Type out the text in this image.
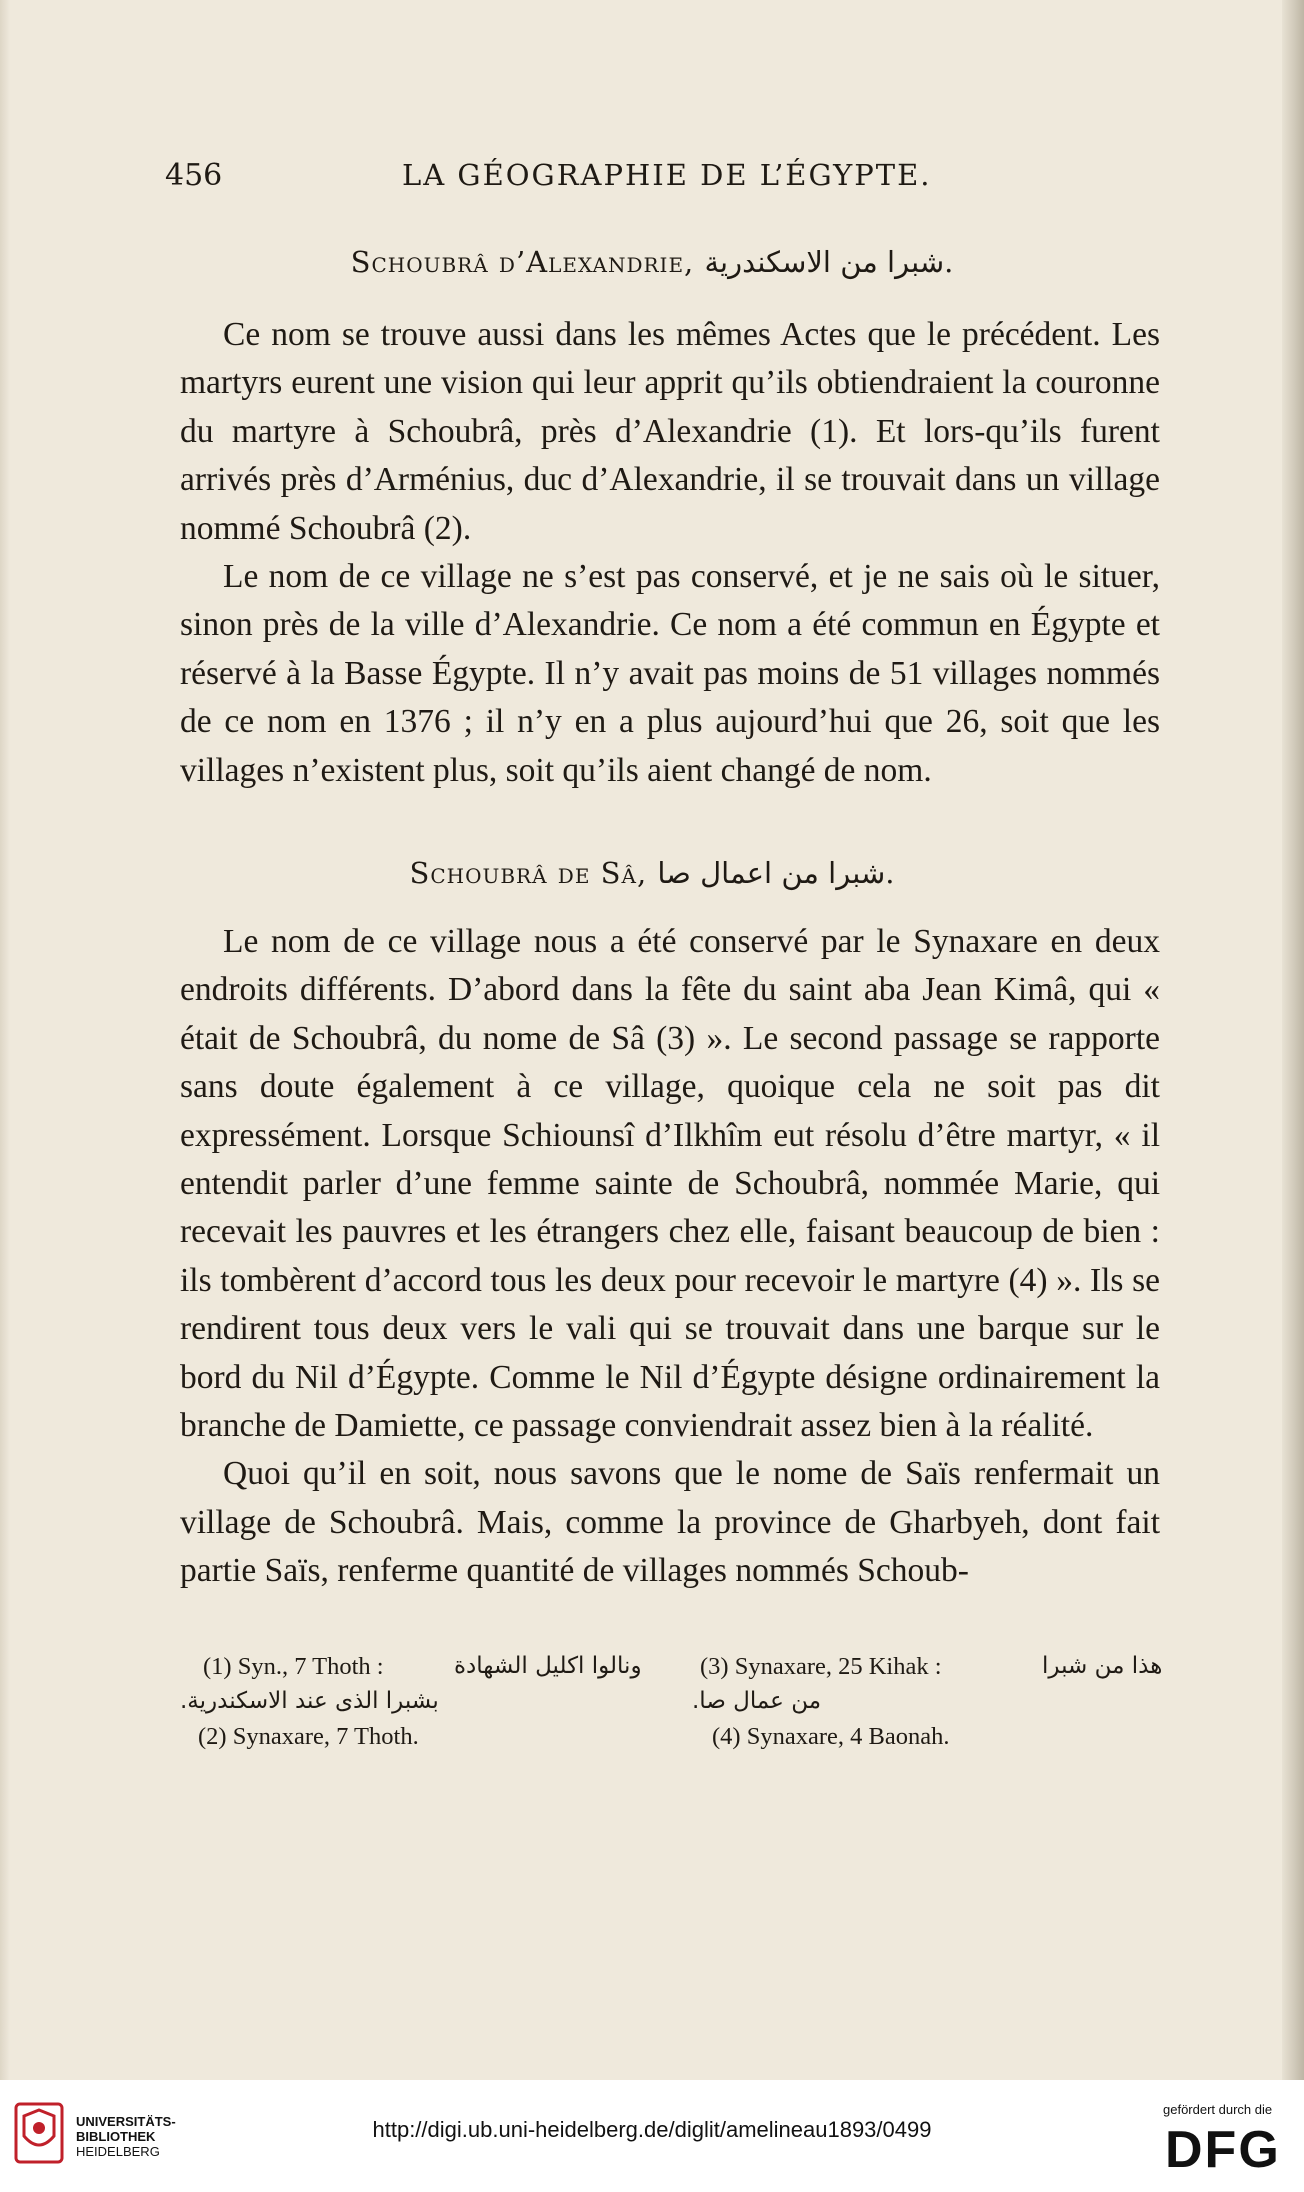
456	LA GÉOGRAPHIE DE L’ÉGYPTE.
Schoubrâ d’Alexandrie, شبرا من الاسكندرية.

Ce nom se trouve aussi dans les mêmes Actes que le précédent. Les martyrs eurent une vision qui leur apprit qu’ils obtiendraient la couronne du martyre à Schoubrâ, près d’Alexandrie (1). Et lors-qu’ils furent arrivés près d’Arménius, duc d’Alexandrie, il se trouvait dans un village nommé Schoubrâ (2).

Le nom de ce village ne s’est pas conservé, et je ne sais où le situer, sinon près de la ville d’Alexandrie. Ce nom a été commun en Égypte et réservé à la Basse Égypte. Il n’y avait pas moins de 51 villages nommés de ce nom en 1376 ; il n’y en a plus aujourd’hui que 26, soit que les villages n’existent plus, soit qu’ils aient changé de nom.

Schoubrâ de Sâ, شبرا من اعمال صا.

Le nom de ce village nous a été conservé par le Synaxare en deux endroits différents. D’abord dans la fête du saint aba Jean Kimâ, qui « était de Schoubrâ, du nome de Sâ (3) ». Le second passage se rapporte sans doute également à ce village, quoique cela ne soit pas dit expressément. Lorsque Schiounsî d’Ilkhîm eut résolu d’être martyr, « il entendit parler d’une femme sainte de Schoubrâ, nommée Marie, qui recevait les pauvres et les étrangers chez elle, faisant beaucoup de bien : ils tombèrent d’accord tous les deux pour recevoir le martyre (4) ». Ils se rendirent tous deux vers le vali qui se trouvait dans une barque sur le bord du Nil d’Égypte. Comme le Nil d’Égypte désigne ordinairement la branche de Damiette, ce passage conviendrait assez bien à la réalité.

Quoi qu’il en soit, nous savons que le nome de Saïs renfermait un village de Schoubrâ. Mais, comme la province de Gharbyeh, dont fait partie Saïs, renferme quantité de villages nommés Schoub-

(1) Syn., 7 Thoth :	ونالوا اكليل الشهادة
بشبرا الذى عند الاسكندرية.
(2) Synaxare, 7 Thoth.
(3) Synaxare, 25 Kihak :	هذا من شبرا
من عمال صا.
(4) Synaxare, 4 Baonah.
UNIVERSITÄTS-
BIBLIOTHEK
HEIDELBERG
http://digi.ub.uni-heidelberg.de/diglit/amelineau1893/0499
gefördert durch die
DFG
